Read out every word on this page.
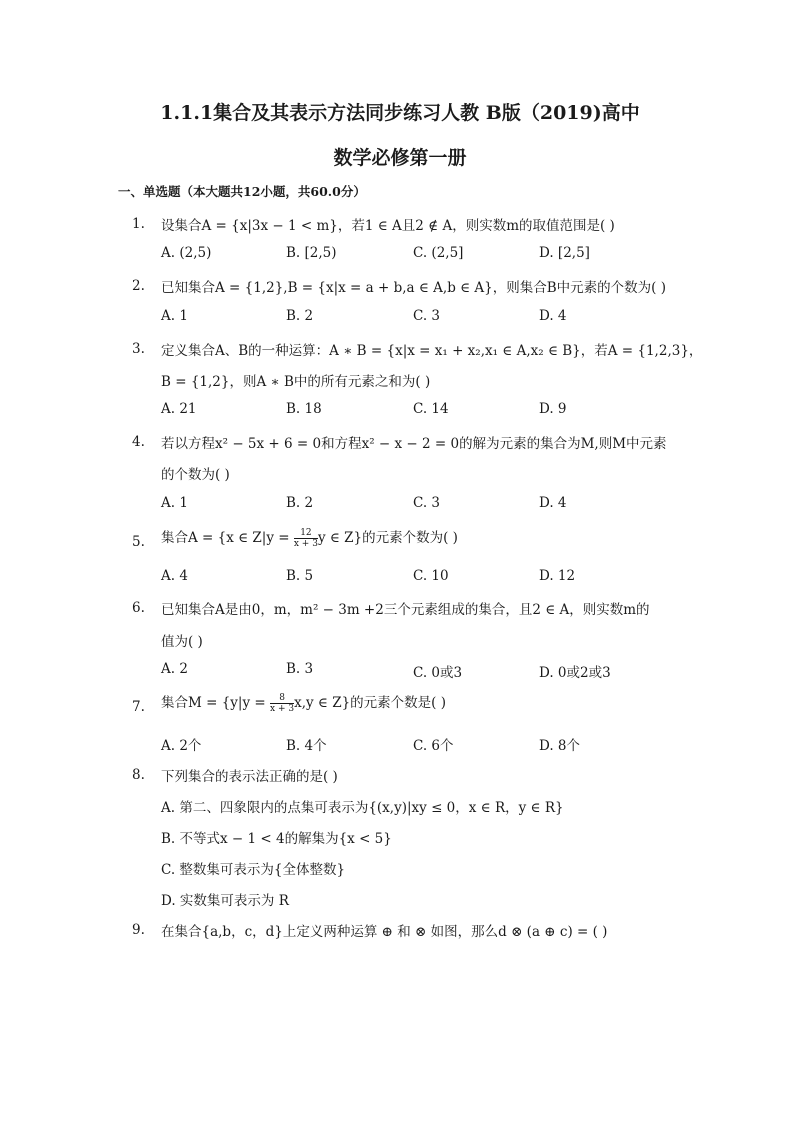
1.1.1集合及其表示方法同步练习人教 B版（2019)高中
数学必修第一册
一、单选题（本大题共12小题，共60.0分）
1. 设集合A = {x|3x − 1 < m}，若1 ∈ A且2 ∉ A，则实数m的取值范围是( )
A. (2,5)	B. [2,5)	C. (2,5]	D. [2,5]
2. 已知集合A = {1,2},B = {x|x = a + b,a ∈ A,b ∈ A}，则集合B中元素的个数为( )
A. 1	B. 2	C. 3	D. 4
3. 定义集合A、B的一种运算：A ∗ B = {x|x = x₁ + x₂,x₁ ∈ A,x₂ ∈ B}，若A = {1,2,3}，
B = {1,2}，则A ∗ B中的所有元素之和为( )
A. 21	B. 18	C. 14	D. 9
4. 若以方程x² − 5x + 6 = 0和方程x² − x − 2 = 0的解为元素的集合为M,则M中元素
的个数为( )
A. 1	B. 2	C. 3	D. 4
5. 集合A = {x ∈ $Z|y = \frac{12}{x + 3}$ y ∈ Z}的元素个数为( )
A. 4	B. 5	C. 10	D. 12
6. 已知集合A是由0，m，m² − 3m +2三个元素组成的集合，且2 ∈ A，则实数m的
值为( )
A. 2	B. 3	C. 0或3	D. 0或2或3
7. 集合$M = \{y|y = \frac{8}{x + 3} x,y$ ∈ Z}的元素个数是( )
A. 2个	B. 4个	C. 6个	D. 8个
8. 下列集合的表示法正确的是( )
A. 第二、四象限内的点集可表示为{(x,y)|xy ≤ 0，x ∈ R，y ∈ R}
B. 不等式x − 1 < 4的解集为{x < 5}
C. 整数集可表示为{全体整数}
D. 实数集可表示为 R
9. 在集合{a,b，c，d}上定义两种运算 ⊕ 和 ⊗ 如图，那么d ⊗ (a ⊕ c) = ( )
